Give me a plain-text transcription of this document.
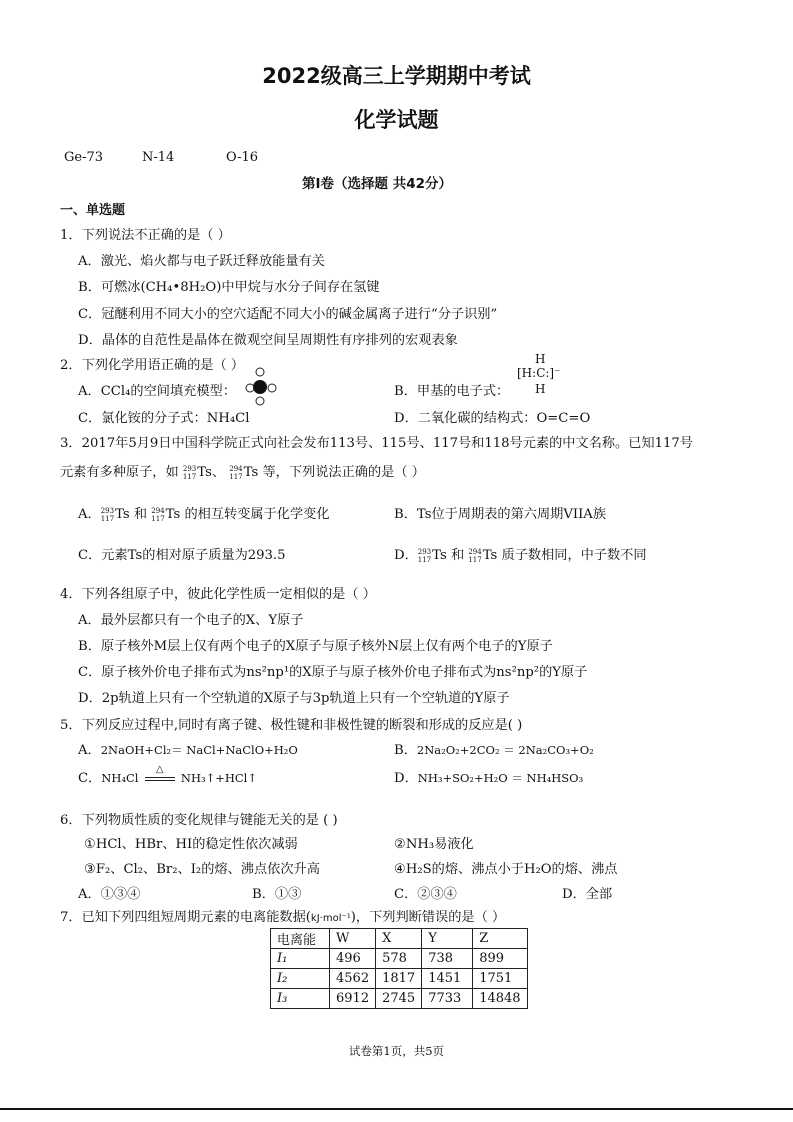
2022级高三上学期期中考试
化学试题
Ge-73	N-14	O-16
第I卷（选择题 共42分）
一、单选题
1．下列说法不正确的是（ ）
A．激光、焰火都与电子跃迁释放能量有关
B．可燃冰(CH₄•8H₂O)中甲烷与水分子间存在氢键
C．冠醚利用不同大小的空穴适配不同大小的碱金属离子进行“分子识别”
D．晶体的自范性是晶体在微观空间呈周期性有序排列的宏观表象
2．下列化学用语正确的是（ ）
A．CCl₄的空间填充模型：	B．甲基的电子式：
H
[H:C:]⁻
H
C．氯化铵的分子式：NH₄Cl	D．二氧化碳的结构式：O=C=O
3．2017年5月9日中国科学院正式向社会发布113号、115号、117号和118号元素的中文名称。已知117号
元素有多种原子，如 293
117Ts、 294
117Ts 等，下列说法正确的是（ ）
A．293
117Ts 和 294
117Ts 的相互转变属于化学变化	B．Ts位于周期表的第六周期VIIA族
C．元素Ts的相对原子质量为293.5	D．293
117Ts 和 294
117Ts 质子数相同，中子数不同
4．下列各组原子中，彼此化学性质一定相似的是（ ）
A．最外层都只有一个电子的X、Y原子
B．原子核外M层上仅有两个电子的X原子与原子核外N层上仅有两个电子的Y原子
C．原子核外价电子排布式为ns²np¹的X原子与原子核外价电子排布式为ns²np²的Y原子
D．2p轨道上只有一个空轨道的X原子与3p轨道上只有一个空轨道的Y原子
5．下列反应过程中,同时有离子键、极性键和非极性键的断裂和形成的反应是( )
A．2NaOH+Cl₂＝ NaCl+NaClO+H₂O	B．2Na₂O₂+2CO₂ ＝ 2Na₂CO₃+O₂
C．NH₄Cl △
NH₃↑+HCl↑	D．NH₃+SO₂+H₂O ＝ NH₄HSO₃
6．下列物质性质的变化规律与键能无关的是 ( )
①HCl、HBr、HI的稳定性依次减弱	②NH₃易液化
③F₂、Cl₂、Br₂、I₂的熔、沸点依次升高	④H₂S的熔、沸点小于H₂O的熔、沸点
A．①③④	B．①③	C．②③④	D．全部
7．已知下列四组短周期元素的电离能数据(kJ·mol⁻¹)，下列判断错误的是（ ）
电离能	W	X	Y	Z
I₁	496	578	738	899
I₂	4562	1817	1451	1751
I₃	6912	2745	7733	14848
试卷第1页，共5页
